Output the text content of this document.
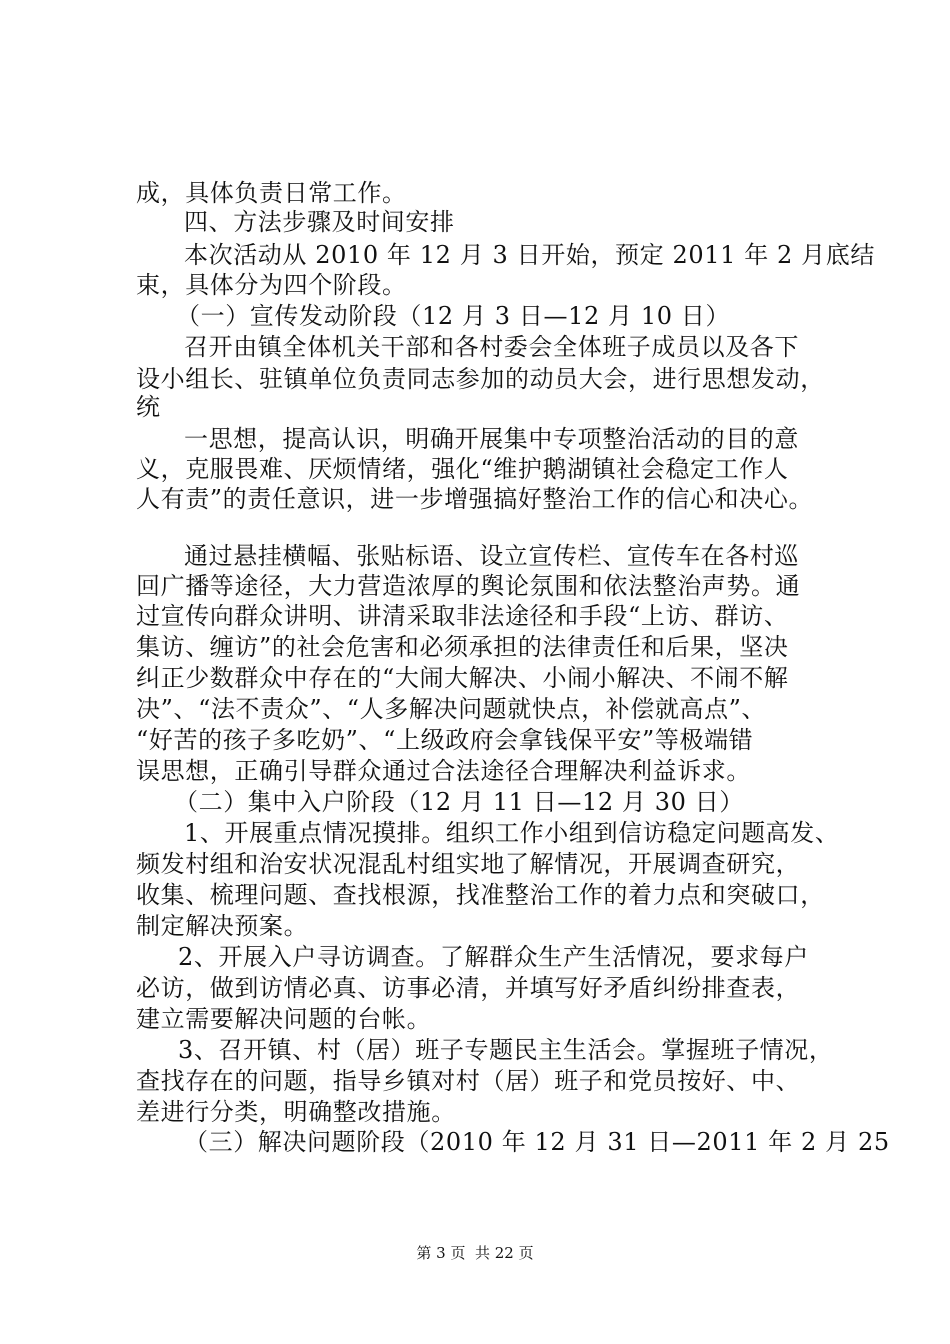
成，具体负责日常工作。
四、方法步骤及时间安排
本次活动从 2010 年 12 月 3 日开始，预定 2011 年 2 月底结
束，具体分为四个阶段。
（一）宣传发动阶段（12 月 3 日—12 月 10 日）
召开由镇全体机关干部和各村委会全体班子成员以及各下
设小组长、驻镇单位负责同志参加的动员大会，进行思想发动，
统
一思想，提高认识，明确开展集中专项整治活动的目的意
义，克服畏难、厌烦情绪，强化“维护鹅湖镇社会稳定工作人
人有责”的责任意识，进一步增强搞好整治工作的信心和决心。
通过悬挂横幅、张贴标语、设立宣传栏、宣传车在各村巡
回广播等途径，大力营造浓厚的舆论氛围和依法整治声势。通
过宣传向群众讲明、讲清采取非法途径和手段“上访、群访、
集访、缠访”的社会危害和必须承担的法律责任和后果，坚决
纠正少数群众中存在的“大闹大解决、小闹小解决、不闹不解
决”、“法不责众”、“人多解决问题就快点，补偿就高点”、
“好苦的孩子多吃奶”、“上级政府会拿钱保平安”等极端错
误思想，正确引导群众通过合法途径合理解决利益诉求。
（二）集中入户阶段（12 月 11 日—12 月 30 日）
1、开展重点情况摸排。组织工作小组到信访稳定问题高发、
频发村组和治安状况混乱村组实地了解情况，开展调查研究，
收集、梳理问题、查找根源，找准整治工作的着力点和突破口，
制定解决预案。
2、开展入户寻访调查。了解群众生产生活情况，要求每户
必访，做到访情必真、访事必清，并填写好矛盾纠纷排查表，
建立需要解决问题的台帐。
3、召开镇、村（居）班子专题民主生活会。掌握班子情况，
查找存在的问题，指导乡镇对村（居）班子和党员按好、中、
差进行分类，明确整改措施。
（三）解决问题阶段（2010 年 12 月 31 日—2011 年 2 月 25
第 3 页  共 22 页
